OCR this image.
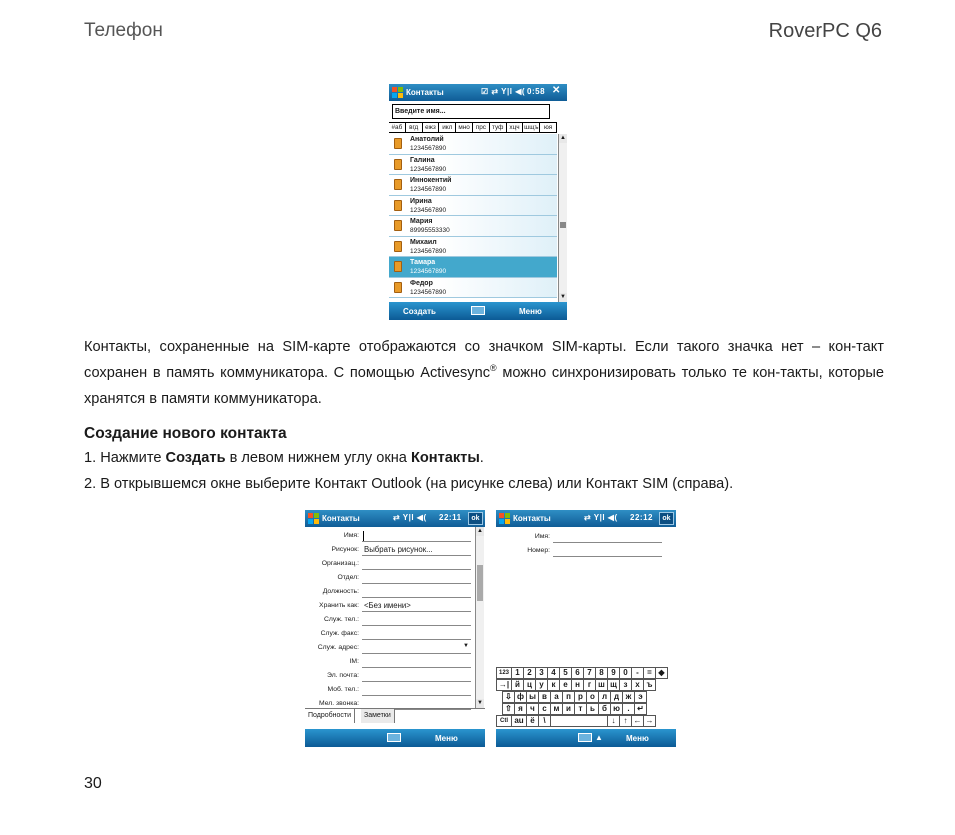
Телефон	RoverPC Q6
Контакты	☑ ⇄ Y|l ◀( 0:58 ✕
Введите имя...
#аб	вгд	ежз икл мно прс туф хцч шщъ юя
Анатолий
1234567890
Галина
1234567890
Иннокентий
1234567890
Ирина
1234567890
Мария
89995553330
Михаил
1234567890
Тамара
1234567890
Федор
1234567890
▲
▼
Создать	Меню
Контакты, сохраненные на SIM-карте отображаются со значком SIM-карты. Если такого значка нет – кон-такт сохранен в память коммуникатора. С помощью Activesync® можно синхронизировать только те кон-такты, которые хранятся в памяти коммуникатора.
Создание нового контакта
1. Нажмите Создать в левом нижнем углу окна Контакты.
2. В открывшемся окне выберите Контакт Outlook (на рисунке слева) или Контакт SIM (справа).
Контакты	⇄ Y|l ◀( 22:11	ok
Имя:
Рисунок: Выбрать рисунок...
Организац.:
Отдел:
Должность:
Хранить как: <Без имени>
Служ. тел.:
Служ. факс:
Служ. адрес:	▼
IM:
Эл. почта:
Моб. тел.:
Мел. звонка:
▲
▼
Подробности	Заметки
Меню
Контакты	⇄ Y|l ◀( 22:12	ok
Имя:
Номер:
123 1 2 3 4 5 6 7 8 9 0	-	= ◆
→| й ц у к е н г ш щ з х ъ
⇩ ф ы в а п р о л д ж э
⇧ я ч с м и т ь б ю . ↵
Ctl au ё	\	↓	↑ ← →
▲	Меню
30
